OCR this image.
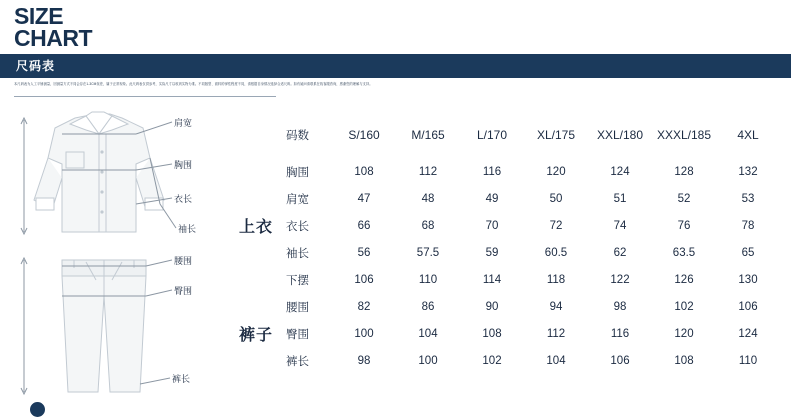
SIZE
CHART
尺码表
本尺码表为人工平铺测量，因测量方式不同会存在1-3CM误差，属于正常现象。此尺码表仅供参考，实际尺寸以收到实物为准。不同版型、面料的弹性程度不同，请根据自身情况选择合适尺码。如有疑问请联系在线客服咨询，感谢您的理解与支持。
肩宽
胸围
衣长
袖长
腰围
臀围
裤长
	码数	S/160	M/165	L/170	XL/175	XXL/180	XXXL/185	4XL
上衣	胸围	108	112	116	120	124	128	132
	肩宽	47	48	49	50	51	52	53
	衣长	66	68	70	72	74	76	78
	袖长	56	57.5	59	60.5	62	63.5	65
	下摆	106	110	114	118	122	126	130
裤子	腰围	82	86	90	94	98	102	106
	臀围	100	104	108	112	116	120	124
	裤长	98	100	102	104	106	108	110
